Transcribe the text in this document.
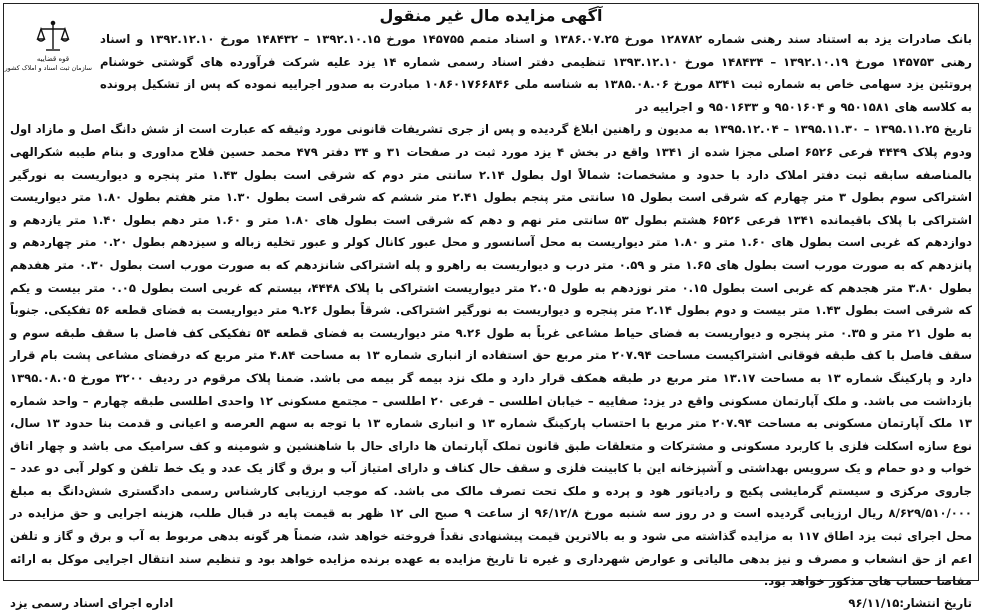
قوه قضاییه
سازمان ثبت اسناد و املاک کشور
آگهی مزایده مال غیر منقول
بانک صادرات یزد به استناد سند رهنی شماره ۱۲۸۷۸۲ مورخ ۱۳۸۶.۰۷.۲۵ و اسناد متمم ۱۴۵۷۵۵ مورخ ۱۳۹۲.۱۰.۱۵ – ۱۴۸۴۳۲ مورخ ۱۳۹۲.۱۲.۱۰ و اسناد رهنی ۱۴۵۷۵۳ مورخ ۱۳۹۲.۱۰.۱۹ – ۱۴۸۴۳۴ مورخ ۱۳۹۳.۱۲.۱۰ تنظیمی دفتر اسناد رسمی شماره ۱۴ یزد علیه شرکت فرآورده های گوشتی خوشنام پروتئین یزد سهامی خاص به شماره ثبت ۸۳۴۱ مورخ ۱۳۸۵.۰۸.۰۶ به شناسه ملی ۱۰۸۶۰۱۷۶۶۸۴۶ مبادرت به صدور اجراییه نموده که پس از تشکیل پرونده به کلاسه های ۹۵۰۱۵۸۱ و ۹۵۰۱۶۰۴ و ۹۵۰۱۶۳۳ و اجراییه در
تاریخ ۱۳۹۵.۱۱.۲۵ – ۱۳۹۵.۱۱.۳۰ – ۱۳۹۵.۱۲.۰۴ به مدیون و راهنین ابلاغ گردیده و پس از جری تشریفات قانونی مورد وثیقه که عبارت است از شش دانگ اصل و مازاد اول ودوم پلاک ۴۴۴۹ فرعی ۶۵۲۶ اصلی مجزا شده از ۱۳۴۱ واقع در بخش ۴ یزد مورد ثبت در صفحات ۳۱ و ۳۴ دفتر ۴۷۹ محمد حسین فلاح مداوری و بنام طیبه شکرالهی بالمناصفه سابقه ثبت دفتر املاک دارد با حدود و مشخصات: شمالاً اول بطول ۲.۱۴ سانتی متر دوم که شرقی است بطول ۱.۴۳ متر پنجره و دیواریست به نورگیر اشتراکی سوم بطول ۳ متر چهارم که شرقی است بطول ۱۵ سانتی متر پنجم بطول ۲.۴۱ متر ششم که شرقی است بطول ۱.۳۰ متر هفتم بطول ۱.۸۰ متر دیواریست اشتراکی با پلاک باقیمانده ۱۳۴۱ فرعی ۶۵۲۶ هشتم بطول ۵۳ سانتی متر نهم و دهم که شرقی است بطول های ۱.۸۰ متر و ۱.۶۰ متر دهم بطول ۱.۴۰ متر یازدهم و دوازدهم که غربی است بطول های ۱.۶۰ متر و ۱.۸۰ متر دیواریست به محل آسانسور و محل عبور کانال کولر و عبور تخلیه زباله و سیزدهم بطول ۰.۲۰ متر چهاردهم و پانزدهم که به صورت مورب است بطول های ۱.۶۵ متر و ۰.۵۹ متر درب و دیواریست به راهرو و پله اشتراکی شانزدهم که به صورت مورب است بطول ۰.۳۰ متر هفدهم بطول ۳.۸۰ متر هجدهم که غربی است بطول ۰.۱۵ متر نوزدهم به طول ۲.۰۵ متر دیواریست اشتراکی با پلاک ۴۴۴۸، بیستم که غربی است بطول ۰.۰۵ متر بیست و یکم که شرقی است بطول ۱.۴۳ متر بیست و دوم بطول ۲.۱۴ متر پنجره و دیواریست به نورگیر اشتراکی. شرقاً بطول ۹.۲۶ متر دیواریست به فضای قطعه ۵۶ تفکیکی. جنوباً به طول ۲۱ متر و ۰.۳۵ متر پنجره و دیواریست به فضای حیاط مشاعی غرباً به طول ۹.۲۶ متر دیواریست به فضای قطعه ۵۴ تفکیکی کف فاصل با سقف طبقه سوم و سقف فاصل با کف طبقه فوقانی اشتراکیست مساحت ۲۰۷.۹۴ متر مربع حق استفاده از انباری شماره ۱۳ به مساحت ۴.۸۴ متر مربع که درفضای مشاعی پشت بام قرار دارد و پارکینگ شماره ۱۳ به مساحت ۱۳.۱۷ متر مربع در طبقه همکف قرار دارد و ملک نزد بیمه گر بیمه می باشد. ضمنا پلاک مرقوم در ردیف ۳۲۰۰ مورخ ۱۳۹۵.۰۸.۰۵ بازداشت می باشد. و ملک آپارتمان مسکونی واقع در یزد: صفاییه – خیابان اطلسی – فرعی ۲۰ اطلسی – مجتمع مسکونی ۱۲ واحدی اطلسی طبقه چهارم – واحد شماره ۱۳ ملک آپارتمان مسکونی به مساحت ۲۰۷.۹۴ متر مربع با احتساب پارکینگ شماره ۱۳ و انباری شماره ۱۳ با توجه به سهم العرصه و اعیانی و قدمت بنا حدود ۱۳ سال، نوع سازه اسکلت فلزی با کاربرد مسکونی و مشترکات و متعلقات طبق قانون تملک آپارتمان ها دارای حال با شاهنشین و شومینه و کف سرامیک می باشد و چهار اتاق خواب و دو حمام و یک سرویس بهداشتی و آشپزخانه این با کابینت فلزی و سقف حال کناف و دارای امتیاز آب و برق و گاز یک عدد و یک خط تلفن و کولر آبی دو عدد – جاروی مرکزی و سیستم گرمایشی پکیج و رادیاتور هود و پرده و ملک تحت تصرف مالک می باشد. که موجب ارزیابی کارشناس رسمی دادگستری شش‌دانگ به مبلغ ۸/۶۲۹/۵۱۰/۰۰۰ ریال ارزیابی گردیده است و در روز سه شنبه مورخ ۹۶/۱۲/۸ از ساعت ۹ صبح الی ۱۲ ظهر به قیمت پایه در قبال طلب، هزینه اجرایی و حق مزایده در محل اجرای ثبت یزد اطاق ۱۱۷ به مزایده گذاشته می شود و به بالاترین قیمت پیشنهادی نقداً فروخته خواهد شد، ضمناً هر گونه بدهی مربوط به آب و برق و گاز و تلفن اعم از حق انشعاب و مصرف و نیز بدهی مالیاتی و عوارض شهرداری و غیره تا تاریخ مزایده به عهده برنده مزایده خواهد بود و تنظیم سند انتقال اجرایی موکل به ارائه مفاصا حساب های مذکور خواهد بود.
تاریخ انتشار:۹۶/۱۱/۱۵
اداره اجرای اسناد رسمی یزد
